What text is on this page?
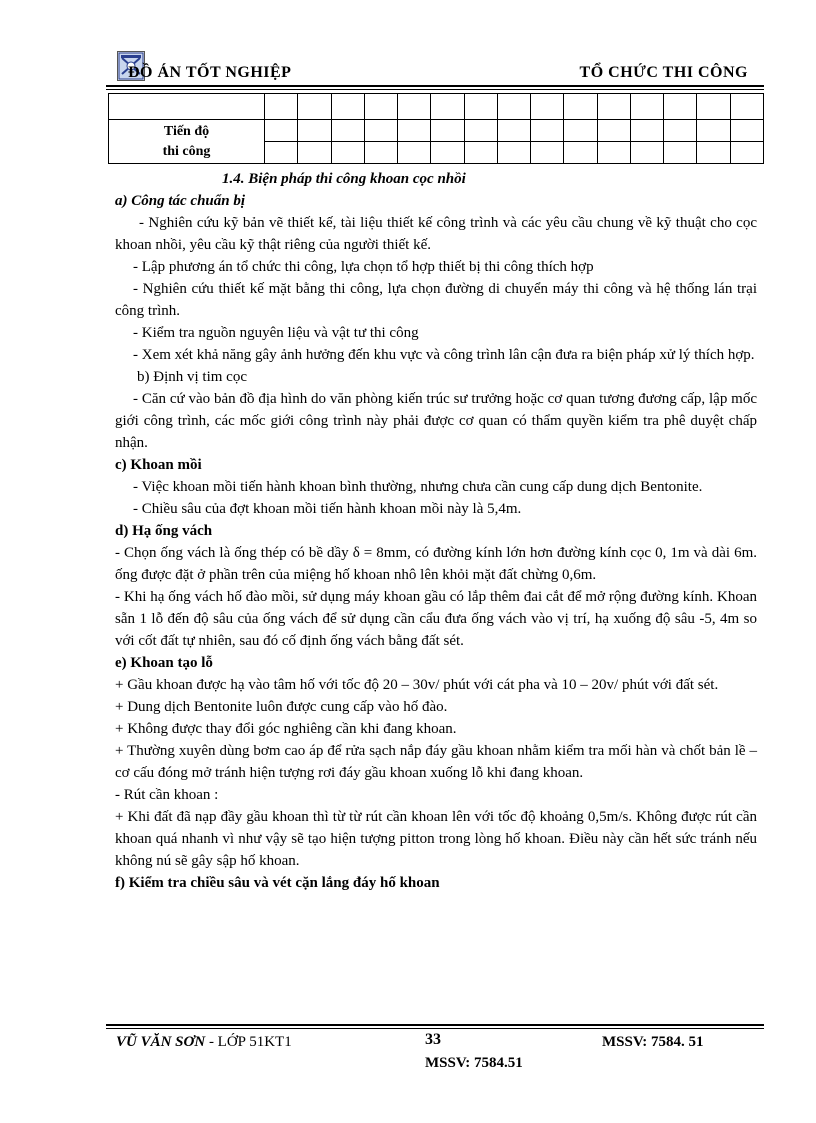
ĐỒ ÁN TỐT NGHIỆP	TỔ CHỨC THI CÔNG

Tiến độ
thi công															

1.4. Biện pháp thi công khoan cọc nhồi

a) Công tác chuẩn bị

- Nghiên cứu kỹ bản vẽ thiết kế, tài liệu thiết kế công trình và các yêu cầu chung về kỹ thuật cho cọc khoan nhồi, yêu cầu kỹ thật riêng của người thiết kế.

- Lập phương án tổ chức thi công, lựa chọn tổ hợp thiết bị thi công thích hợp

- Nghiên cứu thiết kế mặt bằng thi công, lựa chọn đường di chuyển máy thi công và hệ thống lán trại công trình.

- Kiểm tra nguồn nguyên liệu và vật tư thi công

- Xem xét khả năng gây ảnh hưởng đến khu vực và công trình lân cận đưa ra biện pháp xử lý thích hợp.

b) Định vị tim cọc

- Căn cứ vào bản đồ địa hình do văn phòng kiến trúc sư trưởng hoặc cơ quan tương đương cấp, lập mốc giới công trình, các mốc giới công trình này phải được cơ quan có thẩm quyền kiểm tra phê duyệt chấp nhận.

c) Khoan mồi

- Việc khoan mồi tiến hành khoan bình thường, nhưng chưa cần cung cấp dung dịch Bentonite.

- Chiều sâu của đợt khoan mồi tiến hành khoan mồi này là 5,4m.

d) Hạ ống vách

- Chọn ống vách là ống thép có bề dầy δ = 8mm, có đường kính lớn hơn đường kính cọc 0, 1m và dài 6m. ống được đặt ở phần trên của miệng hố khoan nhô lên khỏi mặt đất chừng 0,6m.

- Khi hạ ống vách hố đào mồi, sử dụng máy khoan gầu có lắp thêm đai cắt để mở rộng đường kính. Khoan sẵn 1 lỗ đến độ sâu của ống vách để sử dụng cần cẩu đưa ống vách vào vị trí, hạ xuống độ sâu -5, 4m so với cốt đất tự nhiên, sau đó cố định ống vách bằng đất sét.

e) Khoan tạo lỗ

+ Gầu khoan được hạ vào tâm hố với tốc độ 20 – 30v/ phút với cát pha và 10 – 20v/ phút với đất sét.

+ Dung dịch Bentonite luôn được cung cấp vào hố đào.

+ Không được thay đổi góc nghiêng cần khi đang khoan.

+ Thường xuyên dùng bơm cao áp để rửa sạch nắp đáy gầu khoan nhằm kiểm tra mối hàn và chốt bản lề – cơ cấu đóng mở tránh hiện tượng rơi đáy gầu khoan xuống lỗ khi đang khoan.

- Rút cần khoan :

+ Khi đất đã nạp đầy gầu khoan thì từ từ rút cần khoan lên với tốc độ khoảng 0,5m/s. Không được rút cần khoan quá nhanh vì như vậy sẽ tạo hiện tượng pitton trong lòng hố khoan. Điều này cần hết sức tránh nếu không nú sẽ gây sập hố khoan.

f) Kiểm tra chiều sâu và vét cặn lắng đáy hố khoan

VŨ VĂN SƠN - LỚP 51KT1	33	MSSV: 7584. 51
MSSV: 7584.51
